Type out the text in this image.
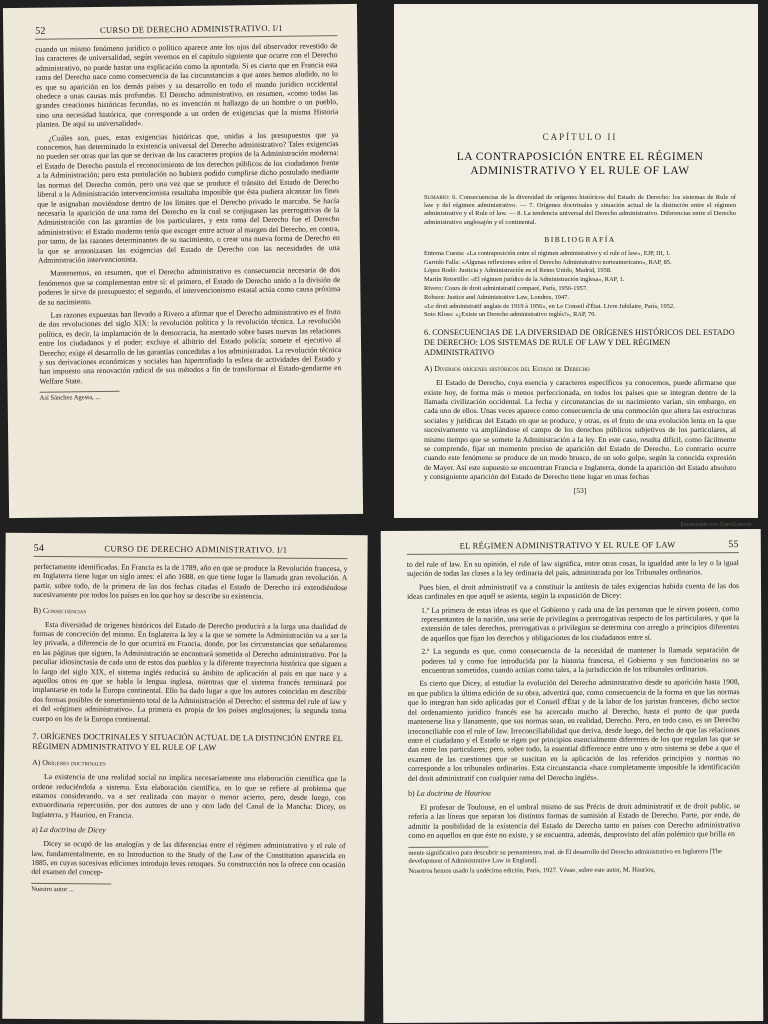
52	CURSO DE DERECHO ADMINISTRATIVO. I/1

cuando un mismo fenómeno jurídico o político aparece ante los ojos del observador revestido de los caracteres de universalidad, según veremos en el capítulo siguiente que ocurre con el Derecho administrativo, no puede bastar una explicación como la apuntada. Si es cierto que en Francia esta rama del Derecho nace como consecuencia de las circunstancias a que antes hemos aludido, no lo es que su aparición en los demás países y su desarrollo en todo el mundo jurídico occidental obedece a unas causas más profundas. El Derecho administrativo, en resumen, «como todas las grandes creaciones históricas fecundas, no es invención ni hallazgo de un hombre o un pueblo, sino una necesidad histórica, que corresponde a un orden de exigencias que la misma Historia plantea. De aquí su universalidad».

¿Cuáles son, pues, estas exigencias históricas que, unidas a los presupuestos que ya conocemos, han determinado la existencia universal del Derecho administrativo? Tales exigencias no pueden ser otras que las que se derivan de los caracteres propios de la Administración moderna: el Estado de Derecho postula el reconocimiento de los derechos públicos de los ciudadanos frente a la Administración; pero esta postulación no hubiera podido cumplirse dicho postulado mediante las normas del Derecho común, pero una vez que se produce el tránsito del Estado de Derecho liberal a la Administración intervencionista resultaba imposible que ésta pudiera alcanzar los fines que le asignaban moviéndose dentro de los límites que el Derecho privado le marcaba. Se hacía necesaria la aparición de una rama del Derecho en la cual se conjugasen las prerrogativas de la Administración con las garantías de los particulares, y esta rama del Derecho fue el Derecho administrativo: el Estado moderno tenía que escoger entre actuar al margen del Derecho, en contra, por tanto, de las razones determinantes de su nacimiento, o crear una nueva forma de Derecho en la que se armonizasen las exigencias del Estado de Derecho con las necesidades de una Administración intervencionista.

Mantenemos, en resumen, que el Derecho administrativo es consecuencia necesaria de dos fenómenos que se complementan entre sí: el primero, el Estado de Derecho unido a la división de poderes le sirve de presupuesto; el segundo, el intervencionismo estatal actúa como causa próxima de su nacimiento.

Las razones expuestas han llevado a Rivero a afirmar que el Derecho administrativo es el fruto de dos revoluciones del siglo XIX: la revolución política y la revolución técnica. La revolución política, es decir, la implantación de la democracia, ha asentado sobre bases nuevas las relaciones entre los ciudadanos y el poder; excluye el albitrio del Estado policía; somete el ejecutivo al Derecho; exige el desarrollo de las garantías concedidas a los administrados. La revolución técnica y sus derivaciones económicas y sociales han hipertrofiado la esfera de actividades del Estado y han impuesto una renovación radical de sus métodos a fin de transformar el Estado-gendarme en Welfare State.

Así Sánchez Agesta, ...

CAPÍTULO II
LA CONTRAPOSICIÓN ENTRE EL RÉGIMEN ADMINISTRATIVO Y EL RULE OF LAW

Sumario: 6. Consecuencias de la diversidad de orígenes históricos del Estado de Derecho: los sistemas de Rule of law y del régimen administrativo. — 7. Orígenes doctrinales y situación actual de la distinción entre el régimen administrativo y el Rule of law. — 8. La tendencia universal del Derecho administrativo. Diferencias entre el Derecho administrativo anglosajón y el continental.

BIBLIOGRAFÍA

Entrena Cuesta: «La contraposición entre el régimen administrativo y el rule of law», EJP, III, 1.

Garrido Falla: «Algunas reflexiones sobre el Derecho Administrativo norteamericano», RAP, 85.

López Rodó: Justicia y Administración en el Reino Unido, Madrid, 1958.

Martín Retortillo: «El régimen jurídico de la Administración inglesa», RAP, 1.

Rivero: Cours de droit administratif comparé, París, 1956-1957.

Robson: Justice and Administrative Law, Londres, 1947.

«Le droit administratif anglais de 1919 à 1956», en Le Conseil d'État. Livre Jubilaire, París, 1952.

Soto Kloss: «¿Existe un Derecho administrativo inglés?», RAP, 70.

6. CONSECUENCIAS DE LA DIVERSIDAD DE ORÍGENES HISTÓRICOS DEL ESTADO DE DERECHO: LOS SISTEMAS DE RULE OF LAW Y DEL RÉGIMEN ADMINISTRATIVO
A) Diversos orígenes históricos del Estado de Derecho

El Estado de Derecho, cuya esencia y caracteres específicos ya conocemos, puede afirmarse que existe hoy, de forma más o menos perfeccionada, en todos los países que se integran dentro de la llamada civilización occidental. La fecha y circunstancias de su nacimiento varían, sin embargo, en cada uno de ellos. Unas veces aparece como consecuencia de una conmoción que altera las estructuras sociales y jurídicas del Estado en que se produce, y otras, es el fruto de una evolución lenta en la que sucesivamente va ampliándose el campo de los derechos públicos subjetivos de los particulares, al mismo tiempo que se somete la Administración a la ley. En este caso, resulta difícil, como fácilmente se comprende, fijar un momento preciso de aparición del Estado de Derecho. Lo contrario ocurre cuando este fenómeno se produce de un modo brusco, de un solo golpe, según la conocida expresión de Mayer. Así este supuesto se encuentran Francia e Inglaterra, donde la aparición del Estado absoluto y consiguiente aparición del Estado de Derecho tiene lugar en unas fechas

[53]
Escaneado con CamScanner
54	CURSO DE DERECHO ADMINISTRATIVO. I/1

perfectamente identificadas. En Francia es la de 1789, año en que se produce la Revolución francesa, y en Inglaterra tiene lugar un siglo antes: el año 1688, en que tiene lugar la llamada gran revolución. A partir, sobre todo, de la primera de las dos fechas citadas el Estado de Derecho irá extendiéndose sucesivamente por todos los países en los que hoy se describe su existencia.

B) Consecuencias

Esta diversidad de orígenes históricos del Estado de Derecho producirá a la larga una dualidad de formas de concreción del mismo. En Inglaterra la ley a la que se somete la Administración va a ser la ley privada, a diferencia de lo que ocurrirá en Francia, donde, por las circunstancias que señalaremos en las páginas que siguen, la Administración se encontrará sometida al Derecho administrativo. Por la peculiar idiosincrasia de cada uno de estos dos pueblos y la diferente trayectoria histórica que siguen a lo largo del siglo XIX, el sistema inglés reducirá su ámbito de aplicación al país en que nace y a aquellos otros en que se habla la lengua inglesa, mientras que el sistema francés terminará por implantarse en toda la Europa continental. Ello ha dado lugar a que los autores coincidan en describir dos formas posibles de sometimiento total de la Administración al Derecho: el sistema del rule of law y el del «régimen administrativo». La primera es propia de los países anglosajones; la segunda toma cuerpo en los de la Europa continental.

7. ORÍGENES DOCTRINALES Y SITUACIÓN ACTUAL DE LA DISTINCIÓN ENTRE EL RÉGIMEN ADMINISTRATIVO Y EL RULE OF LAW
A) Orígenes doctrinales

La existencia de una realidad social no implica necesariamente una elaboración científica que la ordene reduciéndola a sistema. Esta elaboración científica, en lo que se refiere al problema que estamos considerando, va a ser realizada con mayor o menor acierto, pero, desde luego, con extraordinaria repercusión, por dos autores de uno y otro lado del Canal de la Mancha: Dicey, en Inglaterra, y Hauriou, en Francia.

a) La doctrina de Dicey

Dicey se ocupó de las analogías y de las diferencias entre el régimen administrativo y el rule of law, fundamentalmente, en su Introduction to the Study of the Law of the Constitution aparecida en 1885, en cuyas sucesivas ediciones introdujo leves retoques. Su construcción nos la ofrece con ocasión del examen del concep-

Nuestro autor ...

EL RÉGIMEN ADMINISTRATIVO Y EL RULE OF LAW	55

to del rule of law. En su opinión, el rule of law significa, entre otras cosas, la igualdad ante la ley o la igual sujeción de todas las clases a la ley ordinaria del país, administrada por los Tribunales ordinarios.

Pues bien, el droit administratif va a constituir la antítesis de tales exigencias habida cuenta de las dos ideas cardinales en que aquél se asienta, según la exposición de Dicey:

1.º La primera de estas ideas es que el Gobierno y cada una de las personas que le sirven poseen, como representantes de la nación, una serie de privilegios o prerrogativas respecto de los particulares, y que la extensión de tales derechos, prerrogativas o privilegios se determina con arreglo a principios diferentes de aquellos que fijan los derechos y obligaciones de los ciudadanos entre sí.

2.º La segunda es que, como consecuencia de la necesidad de mantener la llamada separación de poderes tal y como fue introducida por la historia francesa, el Gobierno y sus funcionarios no se encuentran sometidos, cuando actúan como tales, a la jurisdicción de los tribunales ordinarios.

Es cierto que Dicey, al estudiar la evolución del Derecho administrativo desde su aparición hasta 1908, en que publica la última edición de su obra, advertirá que, como consecuencia de la forma en que las normas que lo integran han sido aplicadas por el Conseil d'État y de la labor de los juristas franceses, dicho sector del ordenamiento jurídico francés ese ha acercado mucho al Derecho, hasta el punto de que pueda mantenerse lisa y llanamente, que sus normas sean, en realidad, Derecho. Pero, en todo caso, es un Derecho irreconciliable con el rule of law. Irreconciliabilidad que deriva, desde luego, del hecho de que las relaciones entre el ciudadano y el Estado se rigen por principios esencialmente diferentes de los que regulan las que se dan entre los particulares; pero, sobre todo, la essential difference entre uno y otro sistema se debe a que el examen de las cuestiones que se suscitan en la aplicación de los referidos principios y normas no corresponde a los tribunales ordinarios. Esta circunstancia «hace completamente imposible la identificación del droit administratif con cualquier rama del Derecho inglés».

b) La doctrina de Hauriou

El profesor de Toulouse, en el umbral mismo de sus Précis de droit administratif et de droit public, se refería a las líneas que separan los distintos formas de sumisión al Estado de Derecho. Parte, por ende, de admitir la posibilidad de la existencia del Estado de Derecho tanto en países con Derecho administrativo como en aquellos en que éste no existe, y se encuentra, además, desprovisto del afán polémico que brilla en

mente significativo para descubrir su pensamiento, trad. de El desarrollo del Derecho administrativo en Inglaterra [The development of Administrative Law in England].

Nosotros hemos usado la undécima edición, París, 1927. Véase, sobre este autor, M. Hauriou,
